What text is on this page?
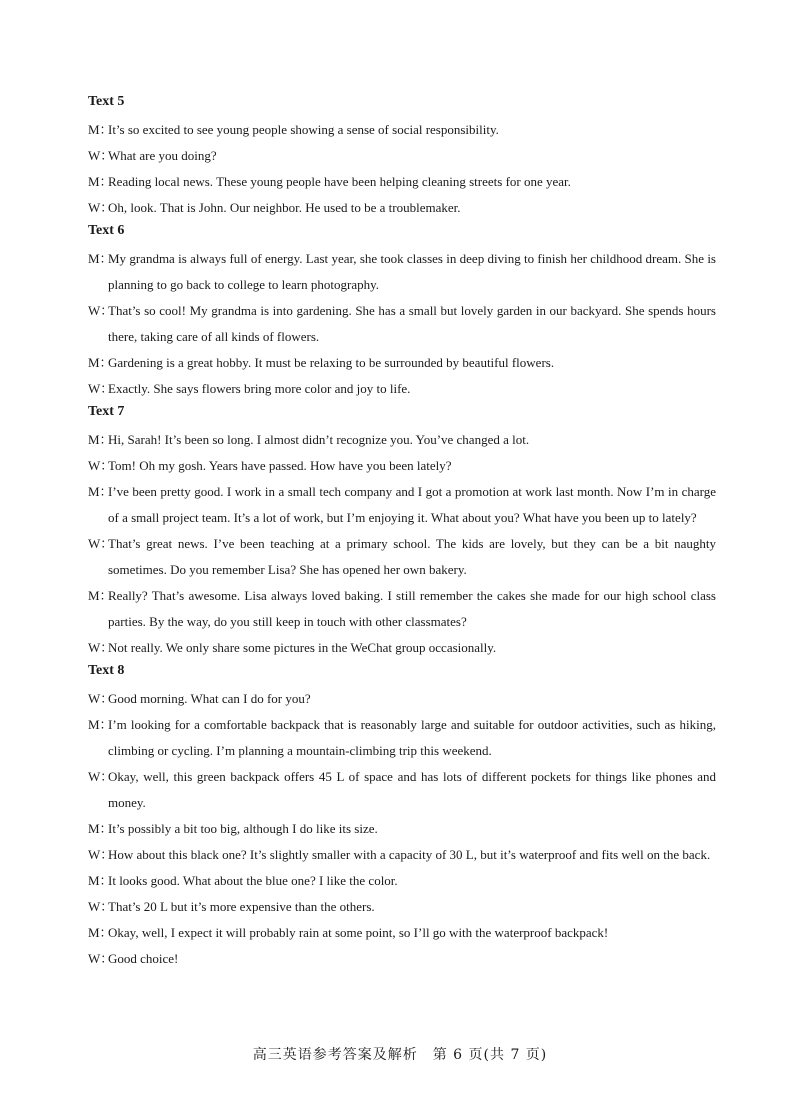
Text 5
M：
It’s so excited to see young people showing a sense of social responsibility.
W：
What are you doing?
M：
Reading local news. These young people have been helping cleaning streets for one year.
W：
Oh, look. That is John. Our neighbor. He used to be a troublemaker.
Text 6
M：
My grandma is always full of energy. Last year, she took classes in deep diving to finish her childhood dream. She is planning to go back to college to learn photography.
W：
That’s so cool! My grandma is into gardening. She has a small but lovely garden in our backyard. She spends hours there, taking care of all kinds of flowers.
M：
Gardening is a great hobby. It must be relaxing to be surrounded by beautiful flowers.
W：
Exactly. She says flowers bring more color and joy to life.
Text 7
M：
Hi, Sarah! It’s been so long. I almost didn’t recognize you. You’ve changed a lot.
W：
Tom! Oh my gosh. Years have passed. How have you been lately?
M：
I’ve been pretty good. I work in a small tech company and I got a promotion at work last month. Now I’m in charge of a small project team. It’s a lot of work, but I’m enjoying it. What about you? What have you been up to lately?
W：
That’s great news. I’ve been teaching at a primary school. The kids are lovely, but they can be a bit naughty sometimes. Do you remember Lisa? She has opened her own bakery.
M：
Really? That’s awesome. Lisa always loved baking. I still remember the cakes she made for our high school class parties. By the way, do you still keep in touch with other classmates?
W：
Not really. We only share some pictures in the WeChat group occasionally.
Text 8
W：
Good morning. What can I do for you?
M：
I’m looking for a comfortable backpack that is reasonably large and suitable for outdoor activities, such as hiking, climbing or cycling. I’m planning a mountain-climbing trip this weekend.
W：
Okay, well, this green backpack offers 45 L of space and has lots of different pockets for things like phones and money.
M：
It’s possibly a bit too big, although I do like its size.
W：
How about this black one? It’s slightly smaller with a capacity of 30 L, but it’s waterproof and fits well on the back.
M：
It looks good. What about the blue one? I like the color.
W：
That’s 20 L but it’s more expensive than the others.
M：
Okay, well, I expect it will probably rain at some point, so I’ll go with the waterproof backpack!
W：
Good choice!
高三英语参考答案及解析　第 6 页(共 7 页)
